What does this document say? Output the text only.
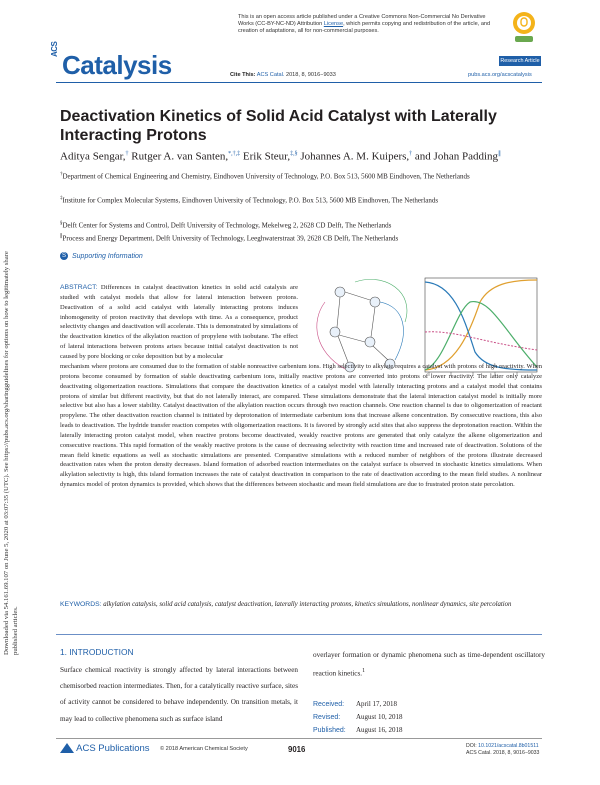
This is an open access article published under a Creative Commons Non-Commercial No Derivative Works (CC-BY-NC-ND) Attribution License, which permits copying and redistribution of the article, and creation of adaptations, all for non-commercial purposes.
ACS
Catalysis	Research Article
Cite This: ACS Catal. 2018, 8, 9016−9033	pubs.acs.org/acscatalysis
Deactivation Kinetics of Solid Acid Catalyst with Laterally Interacting Protons
Aditya Sengar,† Rutger A. van Santen,*,†,‡ Erik Steur,‡,§ Johannes A. M. Kuipers,† and Johan Padding∥
†Department of Chemical Engineering and Chemistry, Eindhoven University of Technology, P.O. Box 513, 5600 MB Eindhoven, The Netherlands
‡Institute for Complex Molecular Systems, Eindhoven University of Technology, P.O. Box 513, 5600 MB Eindhoven, The Netherlands
§Delft Center for Systems and Control, Delft University of Technology, Mekelweg 2, 2628 CD Delft, The Netherlands
∥Process and Energy Department, Delft University of Technology, Leeghwaterstraat 39, 2628 CB Delft, The Netherlands
S Supporting Information
ABSTRACT: Differences in catalyst deactivation kinetics in solid acid catalysis are studied with catalyst models that allow for lateral interaction between protons. Deactivation of a solid acid catalyst with laterally interacting protons induces inhomogeneity of proton reactivity that develops with time. As a consequence, product selectivity changes and deactivation will accelerate. This is demonstrated by simulations of the deactivation kinetics of the alkylation reaction of propylene with isobutane. The effect of lateral interactions between protons arises because initial catalyst deactivation is not caused by pore blocking or coke deposition but by a molecular
mechanism where protons are consumed due to the formation of stable nonreactive carbenium ions. High selectivity to alkylate requires a catalyst with protons of high reactivity. When protons become consumed by formation of stable deactivating carbenium ions, initially reactive protons are converted into protons of lower reactivity. The latter only catalyze deactivating oligomerization reactions. Simulations that compare the deactivation kinetics of a catalyst model with laterally interacting protons and a catalyst model that contains protons of similar but different reactivity, but that do not laterally interact, are compared. These simulations demonstrate that the lateral interaction catalyst model is initially more selective but also has a lower stability. Catalyst deactivation of the alkylation reaction occurs through two reaction channels. One reaction channel is due to oligomerization of reactant propylene. The other deactivation reaction channel is initiated by deprotonation of intermediate carbenium ions that increase alkene concentration. By consecutive reactions, this also leads to deactivation. The hydride transfer reaction competes with oligomerization reactions. It is favored by strongly acid sites that also suppress the deprotonation reaction. Within the laterally interacting proton catalyst model, when reactive protons become deactivated, weakly reactive protons are generated that only catalyze the alkene oligomerization and consecutive reactions. This rapid formation of the weakly reactive protons is the cause of decreasing selectivity with reaction time and increased rate of deactivation. Solutions of the mean field kinetic equations as well as stochastic simulations are presented. Comparative simulations with a reduced number of neighbors of the protons illustrate decreased deactivation rates when the proton density decreases. Island formation of adsorbed reaction intermediates on the catalyst surface is observed in stochastic kinetics simulations. When alkylation selectivity is high, this island formation increases the rate of catalyst deactivation in comparison to the rate of deactivation according to the mean field studies. A nonlinear dynamics model of proton dynamics is provided, which shows that the differences between stochastic and mean field simulations are due to frustrated proton state percolation.
KEYWORDS: alkylation catalysis, solid acid catalysis, catalyst deactivation, laterally interacting protons, kinetics simulations, nonlinear dynamics, site percolation
1. INTRODUCTION
Surface chemical reactivity is strongly affected by lateral interactions between chemisorbed reaction intermediates. Then, for a catalytically reactive surface, sites of activity cannot be considered to behave independently. On transition metals, it may lead to collective phenomena such as surface island
overlayer formation or dynamic phenomena such as time-dependent oscillatory reaction kinetics.$^1$
Received: April 17, 2018
Revised: August 10, 2018
Published: August 16, 2018
ACS Publications © 2018 American Chemical Society	9016	DOI: 10.1021/acscatal.8b01511
ACS Catal. 2018, 8, 9016−9033
Downloaded via 54.161.69.107 on June 5, 2020 at 03:07:35 (UTC). See https://pubs.acs.org/sharingguidelines for options on how to legitimately share published articles.
